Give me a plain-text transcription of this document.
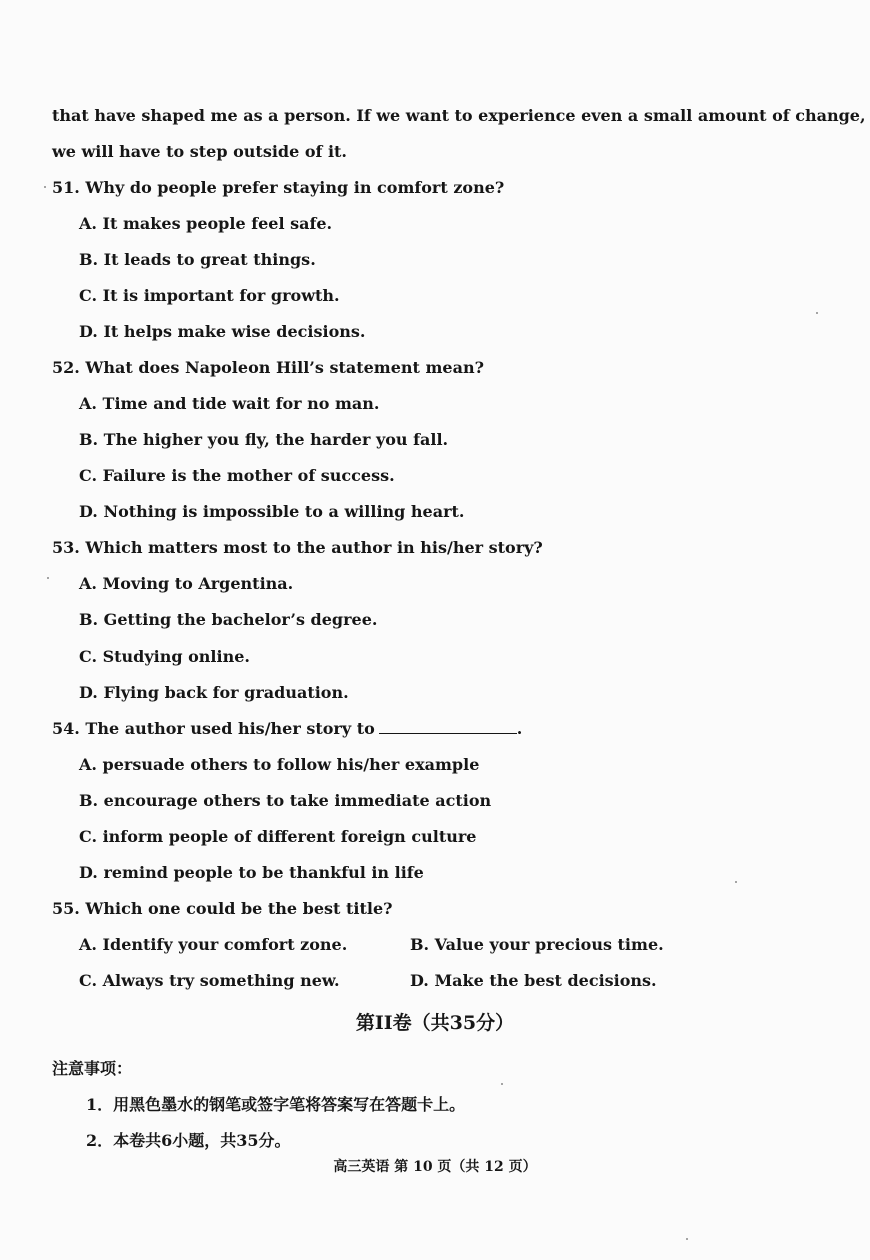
that have shaped me as a person. If we want to experience even a small amount of change,
we will have to step outside of it.
51. Why do people prefer staying in comfort zone?
A. It makes people feel safe.
B. It leads to great things.
C. It is important for growth.
D. It helps make wise decisions.
52. What does Napoleon Hill’s statement mean?
A. Time and tide wait for no man.
B. The higher you fly, the harder you fall.
C. Failure is the mother of success.
D. Nothing is impossible to a willing heart.
53. Which matters most to the author in his/her story?
A. Moving to Argentina.
B. Getting the bachelor’s degree.
C. Studying online.
D. Flying back for graduation.
54. The author used his/her story to	.
A. persuade others to follow his/her example
B. encourage others to take immediate action
C. inform people of different foreign culture
D. remind people to be thankful in life
55. Which one could be the best title?
A. Identify your comfort zone.	B. Value your precious time.
C. Always try something new.	D. Make the best decisions.
第II卷（共35分）
注意事项：
1．用黑色墨水的钢笔或签字笔将答案写在答题卡上。
2．本卷共6小题，共35分。
高三英语 第 10 页（共 12 页）
